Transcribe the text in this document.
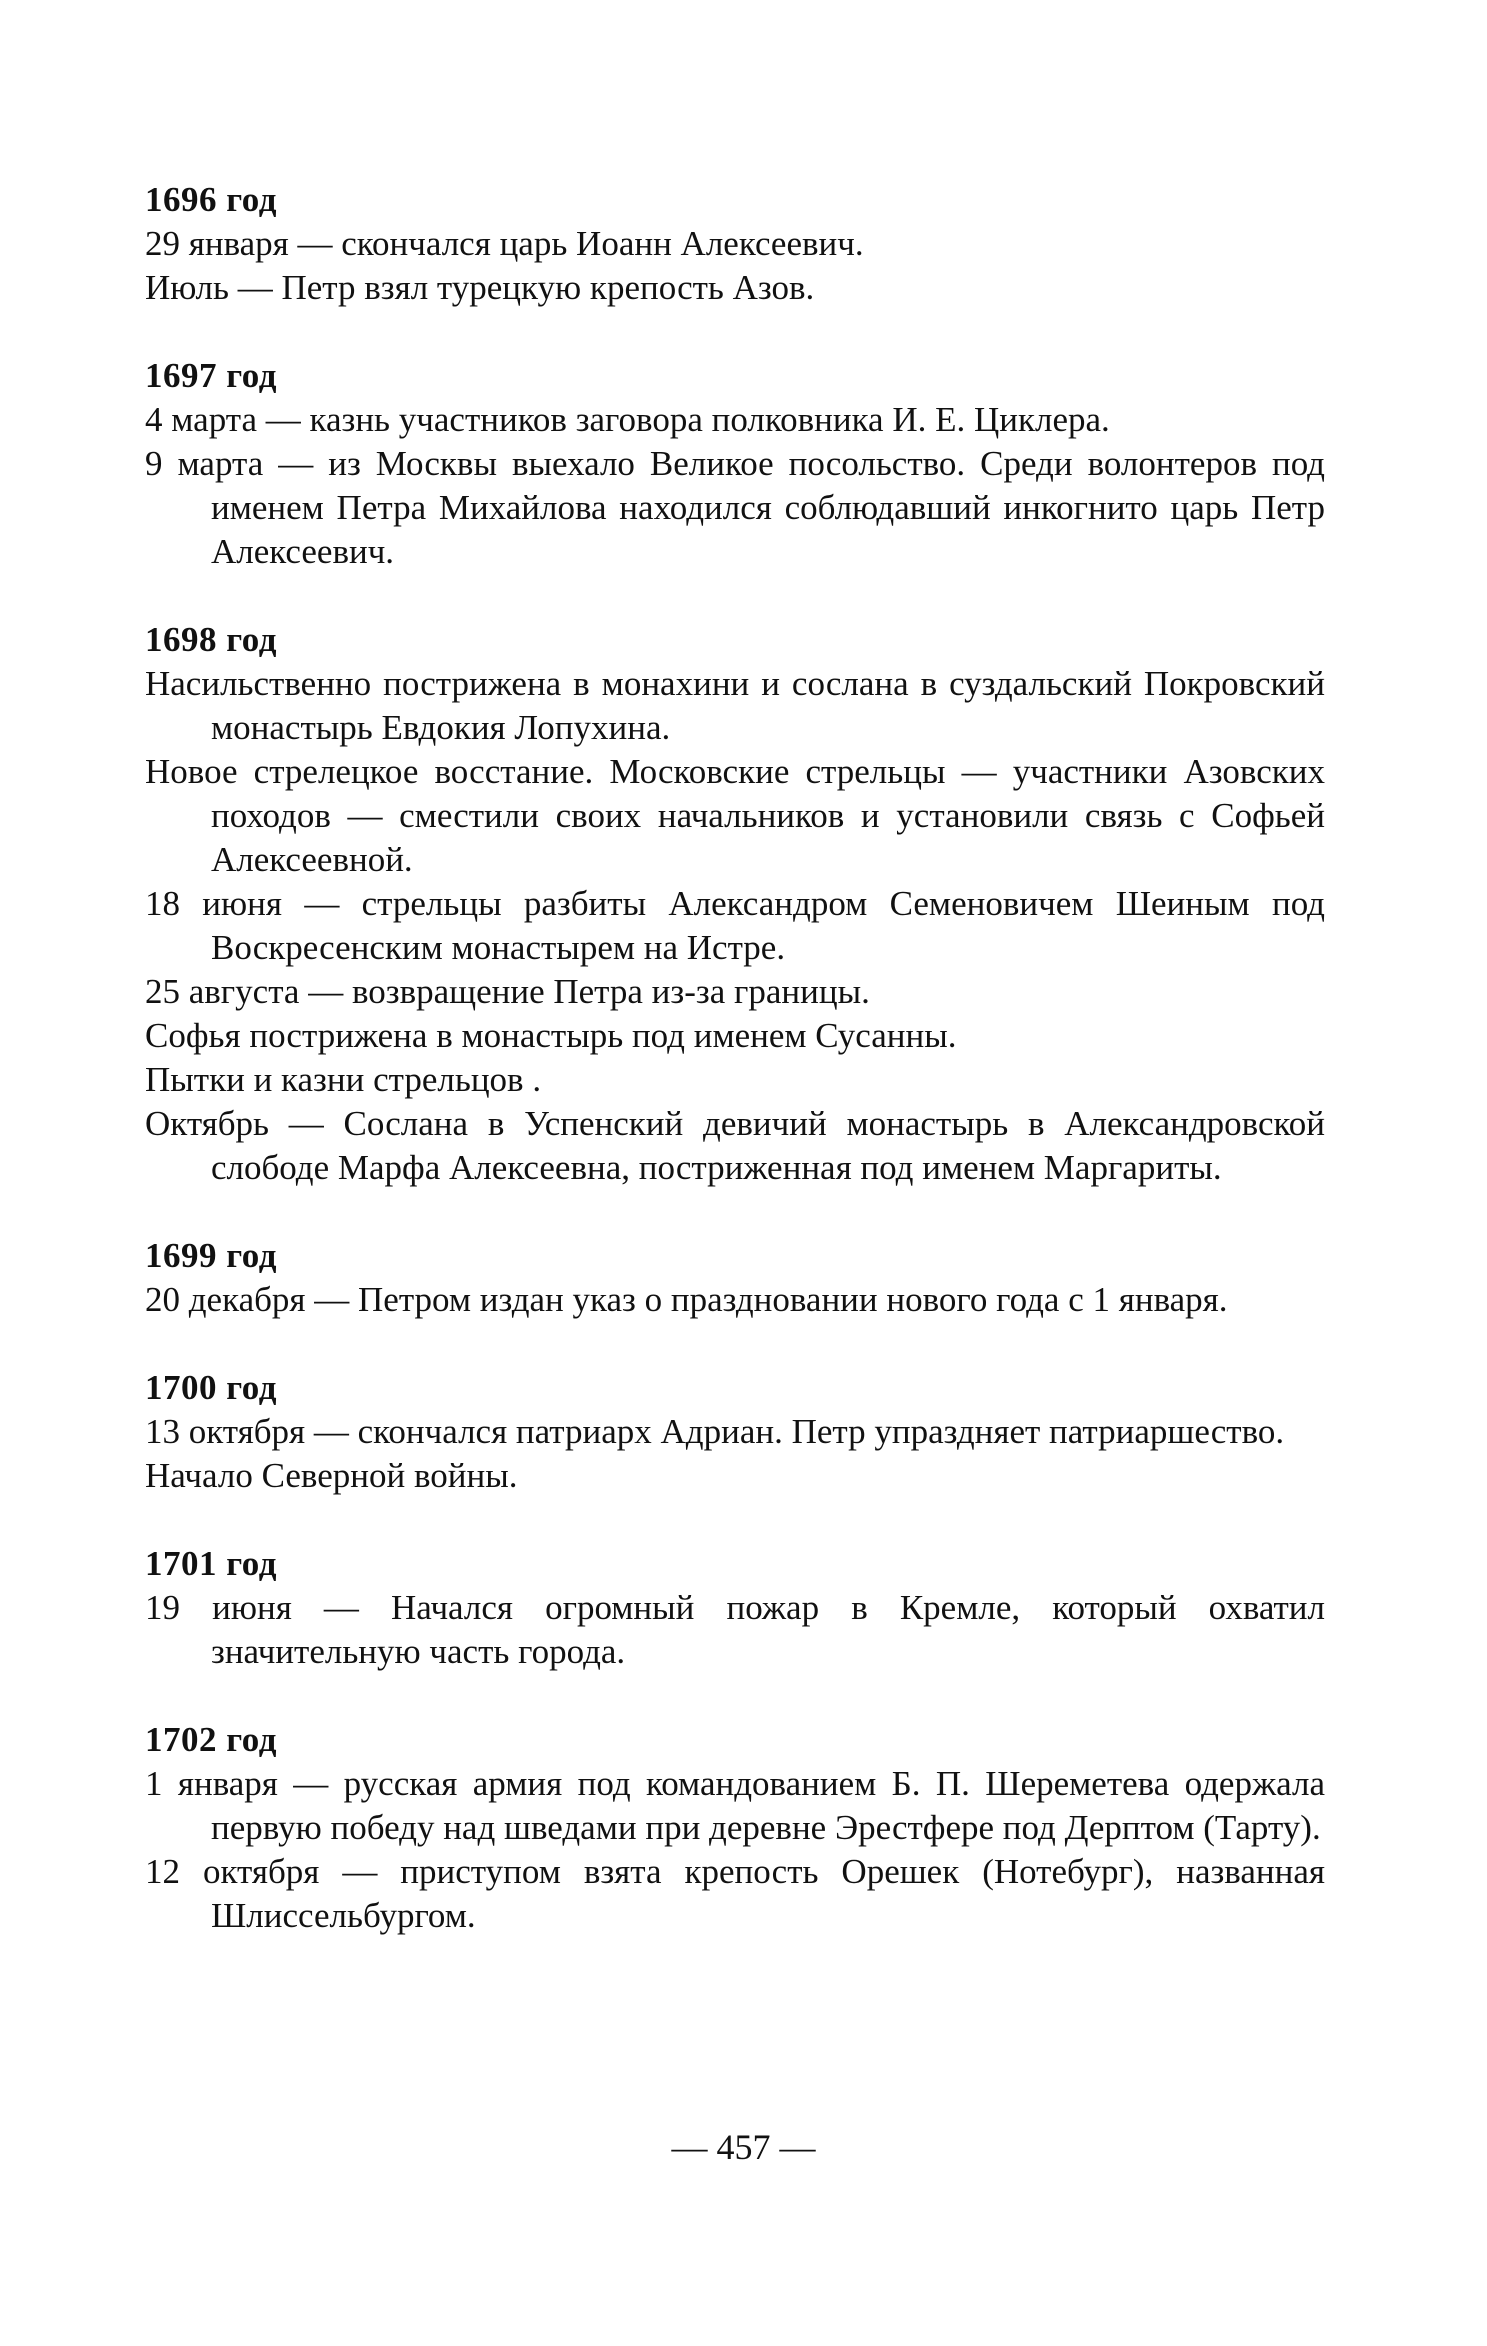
1696 год

29 января — скончался царь Иоанн Алексеевич.

Июль — Петр взял турецкую крепость Азов.

1697 год

4 марта — казнь участников заговора полковника И. Е. Циклера.

9 марта — из Москвы выехало Великое посольство. Среди волонтеров под именем Петра Михайлова находился соблюдавший инкогнито царь Петр Алексеевич.

1698 год

Насильственно пострижена в монахини и сослана в суздальский Покровский монастырь Евдокия Лопухина.

Новое стрелецкое восстание. Московские стрельцы — участники Азовских походов — сместили своих начальников и установили связь с Софьей Алексеевной.

18 июня — стрельцы разбиты Александром Семеновичем Шеиным под Воскресенским монастырем на Истре.

25 августа — возвращение Петра из-за границы.

Софья пострижена в монастырь под именем Сусанны.

Пытки и казни стрельцов .

Октябрь — Сослана в Успенский девичий монастырь в Александровской слободе Марфа Алексеевна, постриженная под именем Маргариты.

1699 год

20 декабря — Петром издан указ о праздновании нового года с 1 января.

1700 год

13 октября — скончался патриарх Адриан. Петр упраздняет патриаршество.

Начало Северной войны.

1701 год

19 июня — Начался огромный пожар в Кремле, который охватил значительную часть города.

1702 год

1 января — русская армия под командованием Б. П. Шереметева одержала первую победу над шведами при деревне Эрестфере под Дерптом (Тарту).

12 октября — приступом взята крепость Орешек (Нотебург), названная Шлиссельбургом.

— 457 —
